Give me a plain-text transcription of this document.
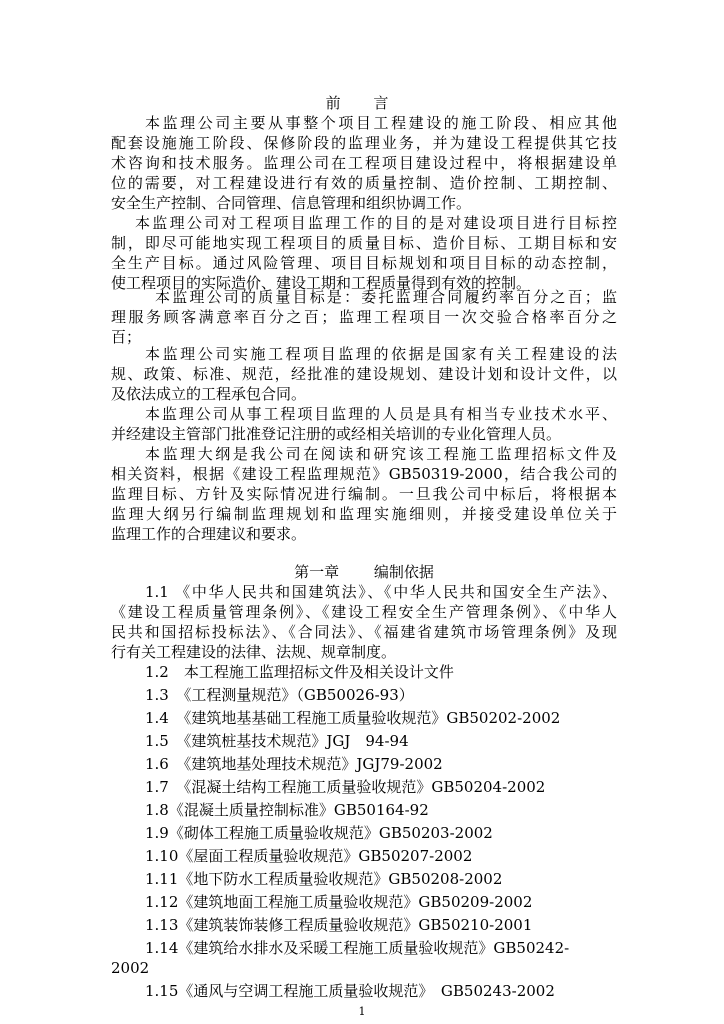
前 言
本监理公司主要从事整个项目工程建设的施工阶段、相应其他
配套设施施工阶段、保修阶段的监理业务，并为建设工程提供其它技
术咨询和技术服务。监理公司在工程项目建设过程中，将根据建设单
位的需要，对工程建设进行有效的质量控制、造价控制、工期控制、
安全生产控制、合同管理、信息管理和组织协调工作。
本监理公司对工程项目监理工作的目的是对建设项目进行目标控
制，即尽可能地实现工程项目的质量目标、造价目标、工期目标和安
全生产目标。通过风险管理、项目目标规划和项目目标的动态控制，
使工程项目的实际造价、建设工期和工程质量得到有效的控制。
本监理公司的质量目标是：委托监理合同履约率百分之百；监
理服务顾客满意率百分之百；监理工程项目一次交验合格率百分之
百；
本监理公司实施工程项目监理的依据是国家有关工程建设的法
规、政策、标准、规范，经批准的建设规划、建设计划和设计文件，以
及依法成立的工程承包合同。
本监理公司从事工程项目监理的人员是具有相当专业技术水平、
并经建设主管部门批准登记注册的或经相关培训的专业化管理人员。
本监理大纲是我公司在阅读和研究该工程施工监理招标文件及
相关资料，根据《建设工程监理规范》GB50319-2000，结合我公司的
监理目标、方针及实际情况进行编制。一旦我公司中标后，将根据本
监理大纲另行编制监理规划和监理实施细则，并接受建设单位关于
监理工作的合理建议和要求。
第一章 编制依据
1.1 《中华人民共和国建筑法》、《中华人民共和国安全生产法》、
《建设工程质量管理条例》、《建设工程安全生产管理条例》、《中华人
民共和国招标投标法》、《合同法》、《福建省建筑市场管理条例》及现
行有关工程建设的法律、法规、规章制度。
1.2　本工程施工监理招标文件及相关设计文件
1.3　《工程测量规范》（GB50026-93）
1.4　《建筑地基基础工程施工质量验收规范》GB50202-2002
1.5　《建筑桩基技术规范》JGJ　94-94
1.6　《建筑地基处理技术规范》JGJ79-2002
1.7　《混凝土结构工程施工质量验收规范》GB50204-2002
1.8《混凝土质量控制标准》GB50164-92
1.9《砌体工程施工质量验收规范》GB50203-2002
1.10《屋面工程质量验收规范》GB50207-2002
1.11《地下防水工程质量验收规范》GB50208-2002
1.12《建筑地面工程施工质量验收规范》GB50209-2002
1.13《建筑装饰装修工程质量验收规范》GB50210-2001
1.14《建筑给水排水及采暖工程施工质量验收规范》GB50242-
2002
1.15《通风与空调工程施工质量验收规范》　GB50243-2002
1
